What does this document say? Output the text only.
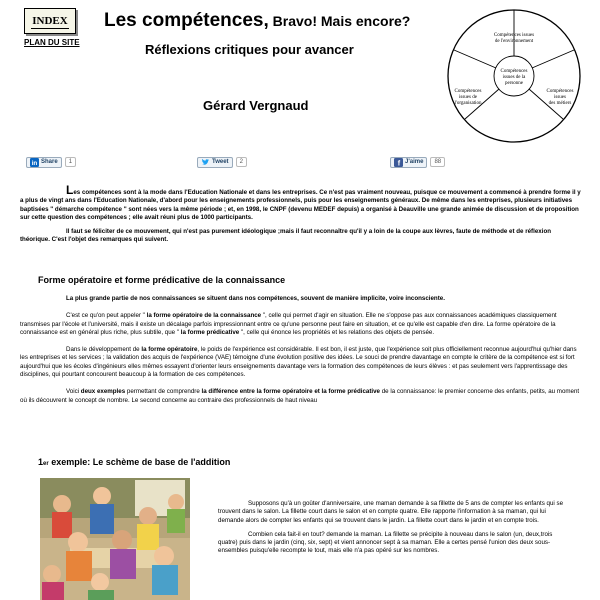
INDEX
PLAN DU SITE
Les compétences, Bravo! Mais encore?
Réflexions critiques pour avancer
Gérard Vergnaud
Compétences issues
de l'environnement
Compétences
issues de la
personne
Compétences
issues de
l'organisation
Compétences
issues
des métiers
in Share	1	Tweet	2	f J'aime	88

Les compétences sont à la mode dans l'Education Nationale et dans les entreprises. Ce n'est pas vraiment nouveau, puisque ce mouvement a commencé à prendre forme il y a plus de vingt ans dans l'Education Nationale, d'abord pour les enseignements professionnels, puis pour les enseignements généraux. De même dans les entreprises, plusieurs initiatives baptisées " démarche compétence " sont nées vers la même période ; et, en 1998, le CNPF (devenu MEDEF depuis) a organisé à Deauville une grande animée de discussion et de proposition sur cette question des compétences ; elle avait réuni plus de 1000 participants.

Il faut se féliciter de ce mouvement, qui n'est pas purement idéologique ;mais il faut reconnaître qu'il y a loin de la coupe aux lèvres, faute de méthode et de réflexion théorique. C'est l'objet des remarques qui suivent.

Forme opératoire et forme prédicative de la connaissance

La plus grande partie de nos connaissances se situent dans nos compétences, souvent de manière implicite, voire inconsciente.

C'est ce qu'on peut appeler " la forme opératoire de la connaissance ", celle qui permet d'agir en situation. Elle ne s'oppose pas aux connaissances académiques classiquement transmises par l'école et l'université, mais il existe un décalage parfois impressionnant entre ce qu'une personne peut faire en situation, et ce qu'elle est capable d'en dire. La forme opératoire de la connaissance est en général plus riche, plus subtile, que " la forme prédicative ", celle qui énonce les propriétés et les relations des objets de pensée.

Dans le développement de la forme opératoire, le poids de l'expérience est considérable. Il est bon, il est juste, que l'expérience soit plus officiellement reconnue aujourd'hui qu'hier dans les entreprises et les services ; la validation des acquis de l'expérience (VAE) témoigne d'une évolution positive des idées. Le souci de prendre davantage en compte le critère de la compétence est si fort aujourd'hui que les écoles d'ingénieurs elles mêmes essayent d'orienter leurs enseignements davantage vers la formation des compétences de leurs élèves : et pas seulement vers l'apprentissage des disciplines, qui pourtant concourent beaucoup à la formation de ces compétences.

Voici deux exemples permettant de comprendre la différence entre la forme opératoire et la forme prédicative de la connaissance: le premier concerne des enfants, petits, au moment où ils découvrent le concept de nombre. Le second concerne au contraire des professionnels de haut niveau

1er exemple: Le schème de base de l'addition

Supposons qu'à un goûter d'anniversaire, une maman demande à sa fillette de 5 ans de compter les enfants qui se trouvent dans le salon. La fillette court dans le salon et en compte quatre. Elle rapporte l'information à sa maman, qui lui demande alors de compter les enfants qui se trouvent dans le jardin. La fillette court dans le jardin et en compte trois.

Combien cela fait-il en tout? demande la maman. La fillette se précipite à nouveau dans le salon (un, deux,trois quatre) puis dans le jardin (cinq, six, sept) et vient annoncer sept à sa maman. Elle a certes pensé l'union des deux sous-ensembles puisqu'elle recompte le tout, mais elle n'a pas opéré sur les nombres.
